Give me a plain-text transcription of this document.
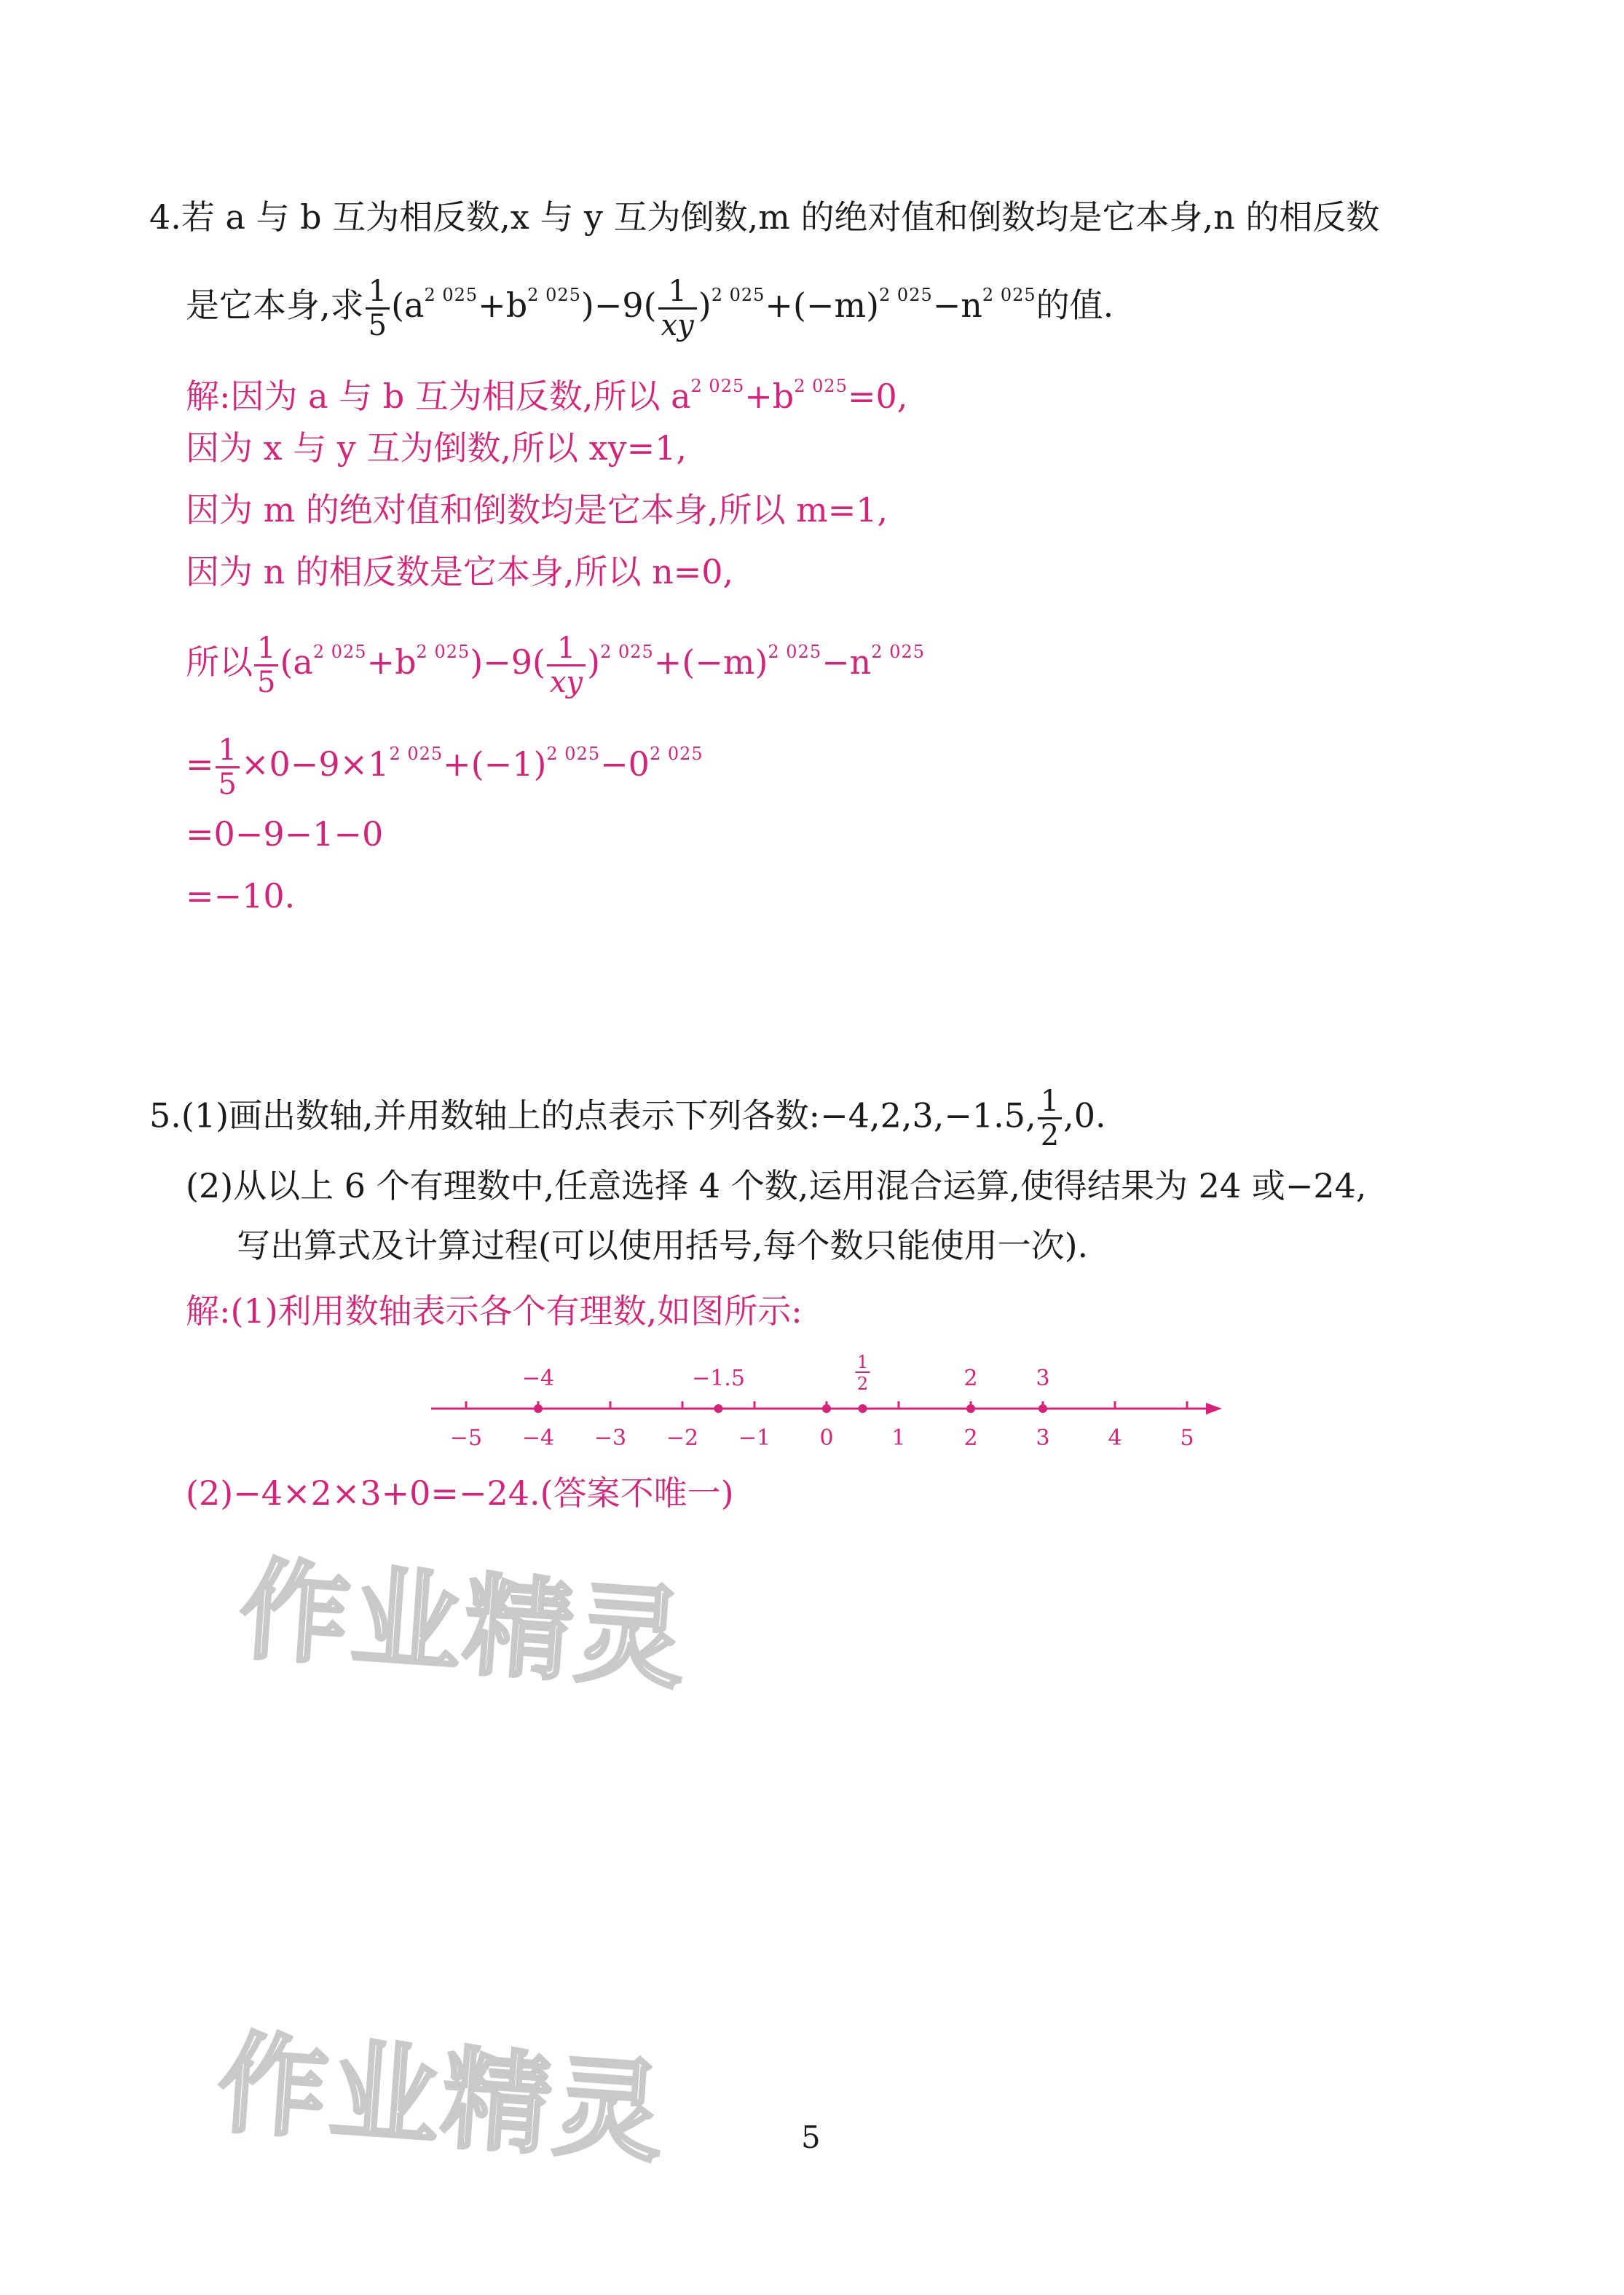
4.若 a 与 b 互为相反数,x 与 y 互为倒数,m 的绝对值和倒数均是它本身,n 的相反数
是它本身,求 $\frac{1}{5} (a^{2 025}+b^{2 025})-9( \frac{1}{xy} )^{2 025}+(-m)^{2 025}-n^{2 025}$的值.
解:因为 a 与 b 互为相反数,所以 $a^{2 025}+b^{2 025}=0$,
因为 x 与 y 互为倒数,所以 xy=1,
因为 m 的绝对值和倒数均是它本身,所以 m=1,
因为 n 的相反数是它本身,所以 n=0,
所以 $\frac{1}{5} (a^{2 025}+b^{2 025})-9( \frac{1}{xy} )^{2 025}+(-m)^{2 025}-n^{2 025}$
= $\frac{1}{5} \times 0-9\times 1^{2 025}+(-1)^{2 025}-0^{2 025}$
=0−9−1−0
=−10.
5.(1)画出数轴,并用数轴上的点表示下列各数:−4,2,3,−1.5, $\frac{1}{2} ,0$.
(2)从以上 6 个有理数中,任意选择 4 个数,运用混合运算,使得结果为 24 或−24,
写出算式及计算过程(可以使用括号,每个数只能使用一次).
解:(1)利用数轴表示各个有理数,如图所示:
−5 −4 −3 −2 −1 0	1	2	3	4	5
−4	−1.5
1
2	2	3
(2)−4×2×3+0=−24.(答案不唯一)
作业精灵
作业精灵	5
